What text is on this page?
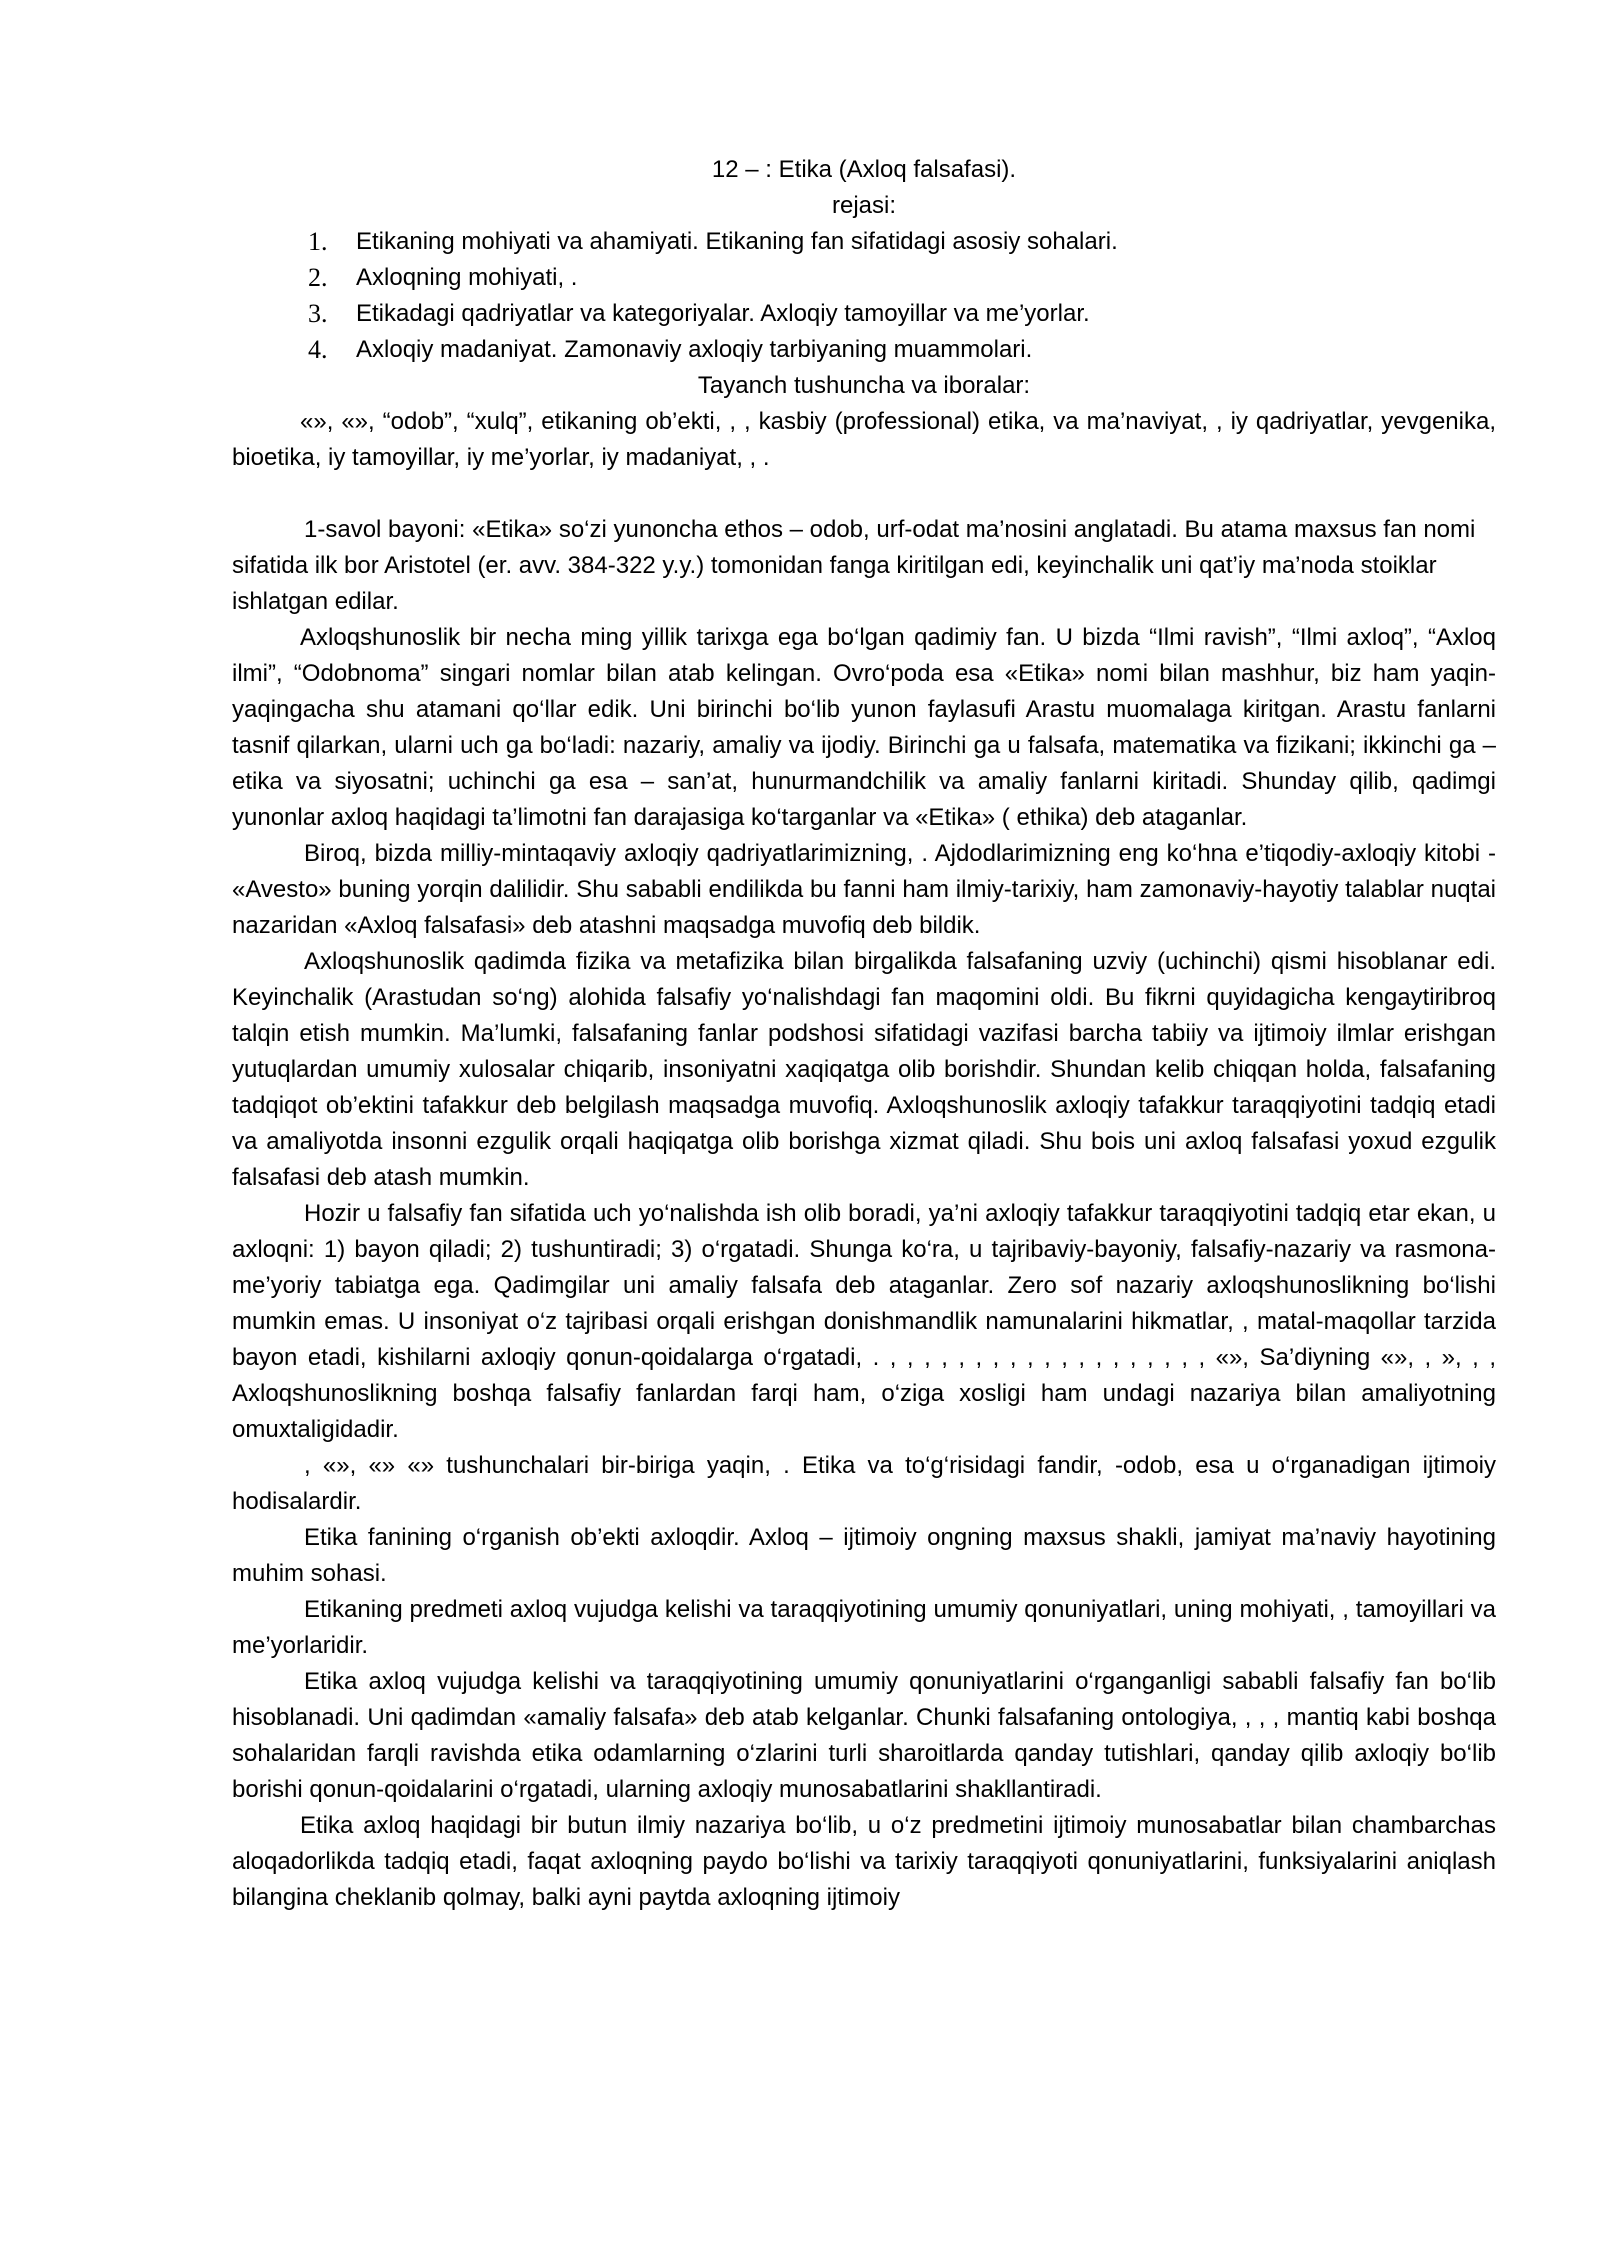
12 – : Etika (Axloq falsafasi).
rejasi:
1. Etikaning mohiyati va ahamiyati. Etikaning fan sifatidagi asosiy sohalari.
2. Axloqning mohiyati, .
3. Etikadagi qadriyatlar va kategoriyalar. Axloqiy tamoyillar va me’yorlar.
4. Axloqiy madaniyat. Zamonaviy axloqiy tarbiyaning muammolari.
Tayanch tushuncha va iboralar:

«», «», “odob”, “xulq”, etikaning ob’ekti, , , kasbiy (professional) etika, va ma’naviyat, , iy qadriyatlar, yevgenika, bioetika, iy tamoyillar, iy me’yorlar, iy madaniyat, , .

1-savol bayoni: «Etika» so‘zi yunoncha ethos – odob, urf-odat ma’nosini anglatadi. Bu atama maxsus fan nomi sifatida ilk bor Aristotel (er. avv. 384-322 y.y.) tomonidan fanga kiritilgan edi, keyinchalik uni qat’iy ma’noda stoiklar ishlatgan edilar.

Axloqshunoslik bir necha ming yillik tarixga ega bo‘lgan qadimiy fan. U bizda “Ilmi ravish”, “Ilmi axloq”, “Axloq ilmi”, “Odobnoma” singari nomlar bilan atab kelingan. Ovro‘poda esa «Etika» nomi bilan mashhur, biz ham yaqin-yaqingacha shu atamani qo‘llar edik. Uni birinchi bo‘lib yunon faylasufi Arastu muomalaga kiritgan. Arastu fanlarni tasnif qilarkan, ularni uch ga bo‘ladi: nazariy, amaliy va ijodiy. Birinchi ga u falsafa, matematika va fizikani; ikkinchi ga – etika va siyosatni; uchinchi ga esa – san’at, hunurmandchilik va amaliy fanlarni kiritadi. Shunday qilib, qadimgi yunonlar axloq haqidagi ta’limotni fan darajasiga ko‘targanlar va «Etika» ( ethika) deb ataganlar.

Biroq, bizda milliy-mintaqaviy axloqiy qadriyatlarimizning, . Ajdodlarimizning eng ko‘hna e’tiqodiy-axloqiy kitobi - «Avesto» buning yorqin dalilidir. Shu sababli endilikda bu fanni ham ilmiy-tarixiy, ham zamonaviy-hayotiy talablar nuqtai nazaridan «Axloq falsafasi» deb atashni maqsadga muvofiq deb bildik.

Axloqshunoslik qadimda fizika va metafizika bilan birgalikda falsafaning uzviy (uchinchi) qismi hisoblanar edi. Keyinchalik (Arastudan so‘ng) alohida falsafiy yo‘nalishdagi fan maqomini oldi. Bu fikrni quyidagicha kengaytiribroq talqin etish mumkin. Ma’lumki, falsafaning fanlar podshosi sifatidagi vazifasi barcha tabiiy va ijtimoiy ilmlar erishgan yutuqlardan umumiy xulosalar chiqarib, insoniyatni xaqiqatga olib borishdir. Shundan kelib chiqqan holda, falsafaning tadqiqot ob’ektini tafakkur deb belgilash maqsadga muvofiq. Axloqshunoslik axloqiy tafakkur taraqqiyotini tadqiq etadi va amaliyotda insonni ezgulik orqali haqiqatga olib borishga xizmat qiladi. Shu bois uni axloq falsafasi yoxud ezgulik falsafasi deb atash mumkin.

Hozir u falsafiy fan sifatida uch yo‘nalishda ish olib boradi, ya’ni axloqiy tafakkur taraqqiyotini tadqiq etar ekan, u axloqni: 1) bayon qiladi; 2) tushuntiradi; 3) o‘rgatadi. Shunga ko‘ra, u tajribaviy-bayoniy, falsafiy-nazariy va rasmona-me’yoriy tabiatga ega. Qadimgilar uni amaliy falsafa deb ataganlar. Zero sof nazariy axloqshunoslikning bo‘lishi mumkin emas. U insoniyat o‘z tajribasi orqali erishgan donishmandlik namunalarini hikmatlar, , matal-maqollar tarzida bayon etadi, kishilarni axloqiy qonun-qoidalarga o‘rgatadi, . , , , , , , , , , , , , , , , , , , , «», Sa’diyning «», , », , , Axloqshunoslikning boshqa falsafiy fanlardan farqi ham, o‘ziga xosligi ham undagi nazariya bilan amaliyotning omuxtaligidadir.

, «», «» «» tushunchalari bir-biriga yaqin, . Etika va to‘g‘risidagi fandir, -odob, esa u o‘rganadigan ijtimoiy hodisalardir.

Etika fanining o‘rganish ob’ekti axloqdir. Axloq – ijtimoiy ongning maxsus shakli, jamiyat ma’naviy hayotining muhim sohasi.

Etikaning predmeti axloq vujudga kelishi va taraqqiyotining umumiy qonuniyatlari, uning mohiyati, , tamoyillari va me’yorlaridir.

Etika axloq vujudga kelishi va taraqqiyotining umumiy qonuniyatlarini o‘rganganligi sababli falsafiy fan bo‘lib hisoblanadi. Uni qadimdan «amaliy falsafa» deb atab kelganlar. Chunki falsafaning ontologiya, , , , mantiq kabi boshqa sohalaridan farqli ravishda etika odamlarning o‘zlarini turli sharoitlarda qanday tutishlari, qanday qilib axloqiy bo‘lib borishi qonun-qoidalarini o‘rgatadi, ularning axloqiy munosabatlarini shakllantiradi.

Etika axloq haqidagi bir butun ilmiy nazariya bo‘lib, u o‘z predmetini ijtimoiy munosabatlar bilan chambarchas aloqadorlikda tadqiq etadi, faqat axloqning paydo bo‘lishi va tarixiy taraqqiyoti qonuniyatlarini, funksiyalarini aniqlash bilangina cheklanib qolmay, balki ayni paytda axloqning ijtimoiy
